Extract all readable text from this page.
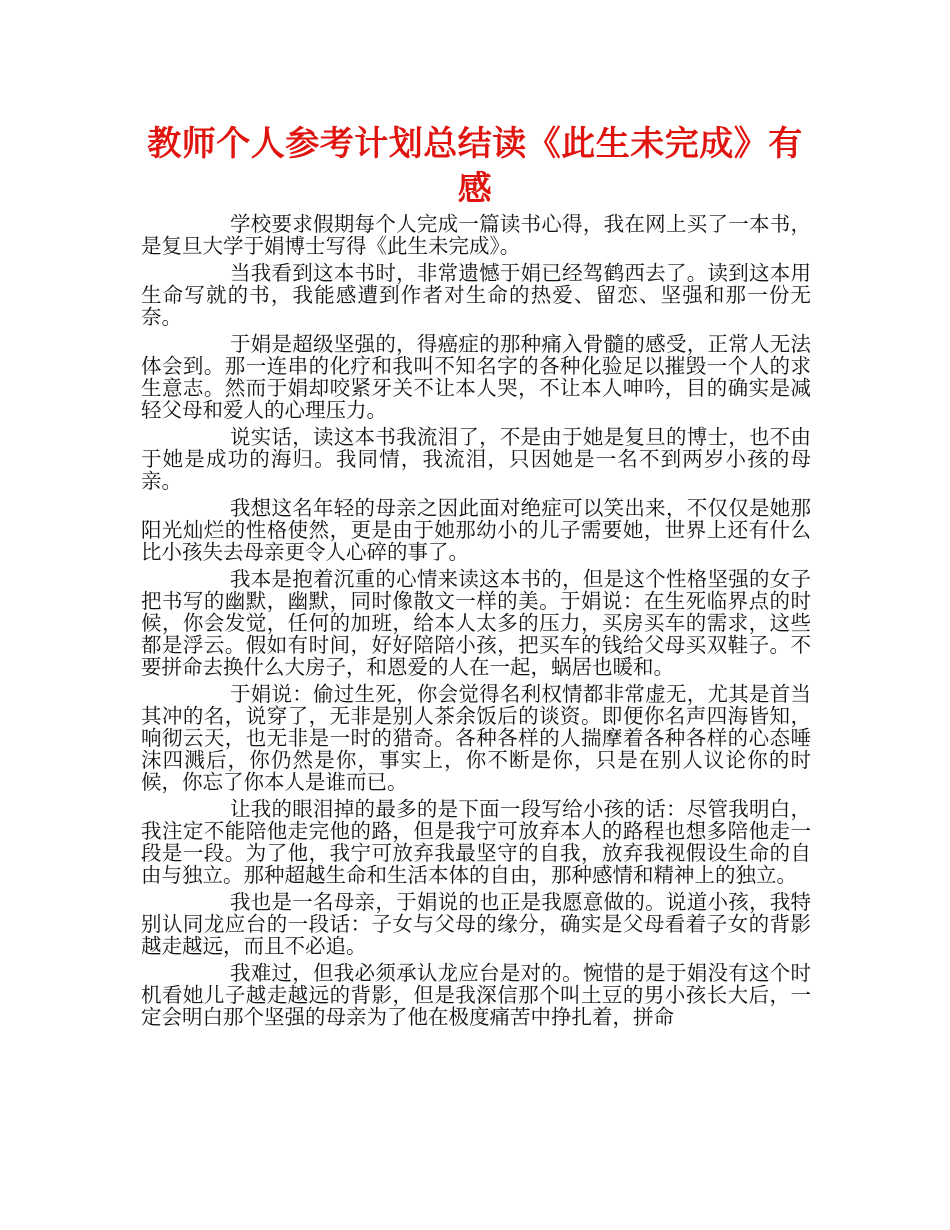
教师个人参考计划总结读《此生未完成》有感

学校要求假期每个人完成一篇读书心得，我在网上买了一本书，是复旦大学于娟博士写得《此生未完成》。

当我看到这本书时，非常遗憾于娟已经驾鹤西去了。读到这本用生命写就的书，我能感遭到作者对生命的热爱、留恋、坚强和那一份无奈。

于娟是超级坚强的，得癌症的那种痛入骨髓的感受，正常人无法体会到。那一连串的化疗和我叫不知名字的各种化验足以摧毁一个人的求生意志。然而于娟却咬紧牙关不让本人哭，不让本人呻吟，目的确实是减轻父母和爱人的心理压力。

说实话，读这本书我流泪了，不是由于她是复旦的博士，也不由于她是成功的海归。我同情，我流泪，只因她是一名不到两岁小孩的母亲。

我想这名年轻的母亲之因此面对绝症可以笑出来，不仅仅是她那阳光灿烂的性格使然，更是由于她那幼小的儿子需要她，世界上还有什么比小孩失去母亲更令人心碎的事了。

我本是抱着沉重的心情来读这本书的，但是这个性格坚强的女子把书写的幽默，幽默，同时像散文一样的美。于娟说：在生死临界点的时候，你会发觉，任何的加班，给本人太多的压力，买房买车的需求，这些都是浮云。假如有时间，好好陪陪小孩，把买车的钱给父母买双鞋子。不要拼命去换什么大房子，和恩爱的人在一起，蜗居也暖和。

于娟说：偷过生死，你会觉得名利权情都非常虚无，尤其是首当其冲的名，说穿了，无非是别人茶余饭后的谈资。即便你名声四海皆知，响彻云天，也无非是一时的猎奇。各种各样的人揣摩着各种各样的心态唾沫四溅后，你仍然是你，事实上，你不断是你，只是在别人议论你的时候，你忘了你本人是谁而已。

让我的眼泪掉的最多的是下面一段写给小孩的话：尽管我明白，我注定不能陪他走完他的路，但是我宁可放弃本人的路程也想多陪他走一段是一段。为了他，我宁可放弃我最坚守的自我，放弃我视假设生命的自由与独立。那种超越生命和生活本体的自由，那种感情和精神上的独立。

我也是一名母亲，于娟说的也正是我愿意做的。说道小孩，我特别认同龙应台的一段话：子女与父母的缘分，确实是父母看着子女的背影越走越远，而且不必追。

我难过，但我必须承认龙应台是对的。惋惜的是于娟没有这个时机看她儿子越走越远的背影，但是我深信那个叫土豆的男小孩长大后，一定会明白那个坚强的母亲为了他在极度痛苦中挣扎着，拼命
